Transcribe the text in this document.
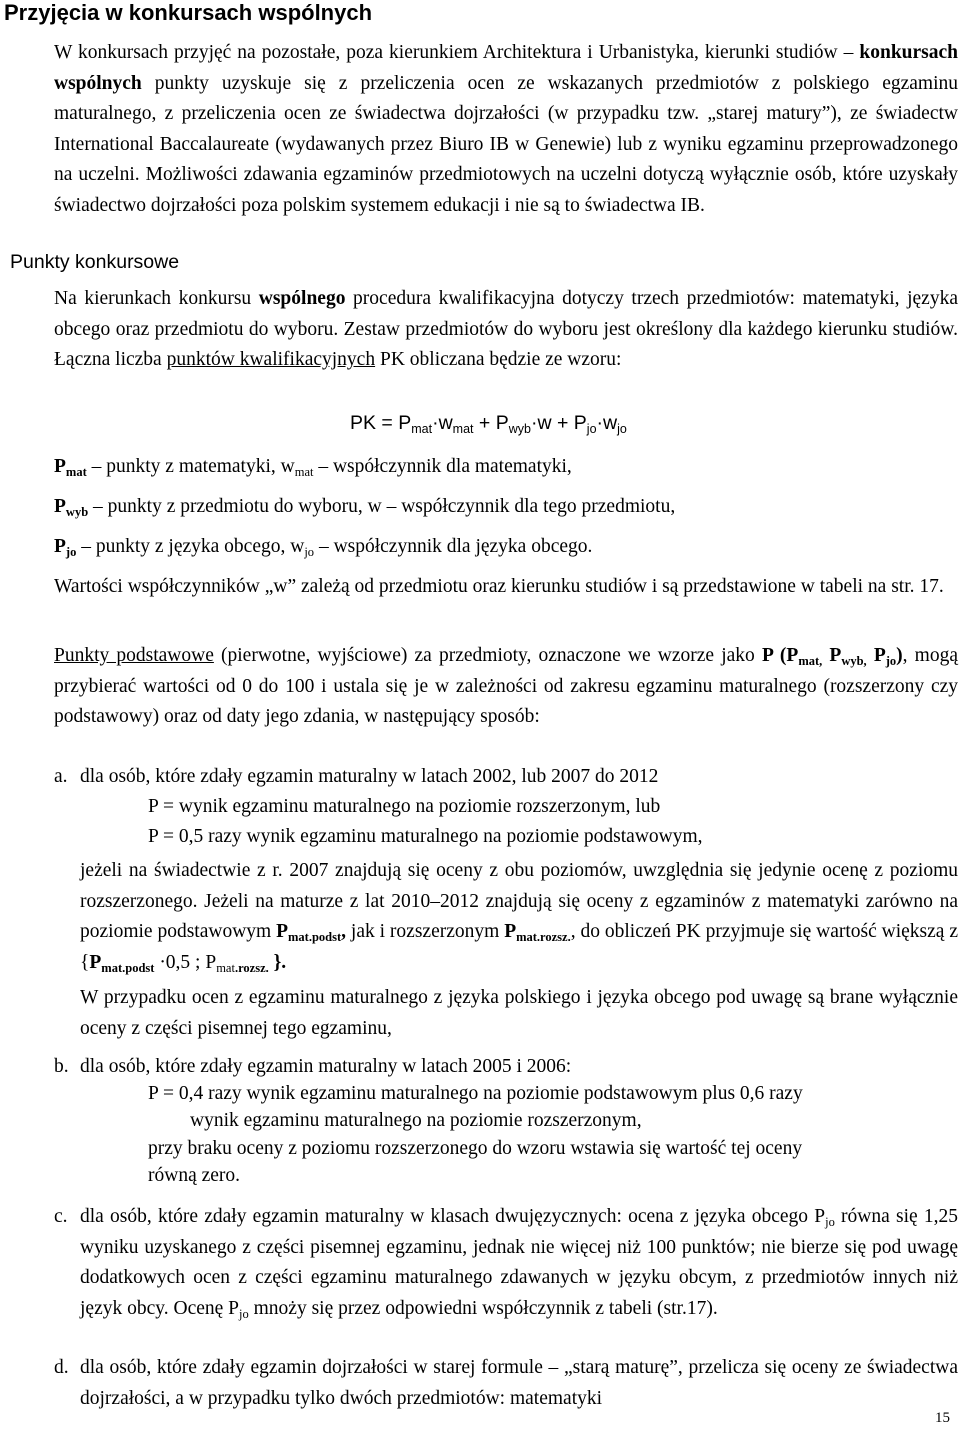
Przyjęcia w konkursach wspólnych

W konkursach przyjęć na pozostałe, poza kierunkiem Architektura i Urbanistyka, kierunki studiów – konkursach wspólnych punkty uzyskuje się z przeliczenia ocen ze wskazanych przedmiotów z polskiego egzaminu maturalnego, z przeliczenia ocen ze świadectwa dojrzałości (w przypadku tzw. „starej matury”), ze świadectw International Baccalaureate (wydawanych przez Biuro IB w Genewie) lub z wyniku egzaminu przeprowadzonego na uczelni. Możliwości zdawania egzaminów przedmiotowych na uczelni dotyczą wyłącznie osób, które uzyskały świadectwo dojrzałości poza polskim systemem edukacji i nie są to świadectwa IB.

Punkty konkursowe

Na kierunkach konkursu wspólnego procedura kwalifikacyjna dotyczy trzech przedmiotów: matematyki, języka obcego oraz przedmiotu do wyboru. Zestaw przedmiotów do wyboru jest określony dla każdego kierunku studiów. Łączna liczba punktów kwalifikacyjnych PK obliczana będzie ze wzoru:

PK = $P_{mat}\cdot w_{mat} + P_{wyb}\cdot w + P_{jo}\cdot w_{jo}$
$P_{mat}$ – punkty z matematyki, $w_{mat}$ – współczynnik dla matematyki,
$P_{wyb}$ – punkty z przedmiotu do wyboru, w – współczynnik dla tego przedmiotu,
$P_{jo}$ – punkty z języka obcego, $w_{jo}$ – współczynnik dla języka obcego.

Wartości współczynników „w” zależą od przedmiotu oraz kierunku studiów i są przedstawione w tabeli na str. 17.

Punkty podstawowe (pierwotne, wyjściowe) za przedmioty, oznaczone we wzorze jako P ($P_{mat,}$ $P_{wyb,}$ $P_{jo}$), mogą przybierać wartości od 0 do 100 i ustala się je w zależności od zakresu egzaminu maturalnego (rozszerzony czy podstawowy) oraz od daty jego zdania, w następujący sposób:

a. dla osób, które zdały egzamin maturalny w latach 2002, lub 2007 do 2012
P = wynik egzaminu maturalnego na poziomie rozszerzonym, lub
P = 0,5 razy wynik egzaminu maturalnego na poziomie podstawowym,

jeżeli na świadectwie z r. 2007 znajdują się oceny z obu poziomów, uwzględnia się jedynie ocenę z poziomu rozszerzonego. Jeżeli na maturze z lat 2010–2012 znajdują się oceny z egzaminów z matematyki zarówno na poziomie podstawowym $P_{mat.podst}$, jak i rozszerzonym $P_{mat.rozsz.}$, do obliczeń PK przyjmuje się wartość większą z {$P_{mat.podst} \cdot 0,5$ ; $P_{mat.rozsz.}$ }.

W przypadku ocen z egzaminu maturalnego z języka polskiego i języka obcego pod uwagę są brane wyłącznie oceny z części pisemnej tego egzaminu,

b. dla osób, które zdały egzamin maturalny w latach 2005 i 2006:
P = 0,4 razy wynik egzaminu maturalnego na poziomie podstawowym plus 0,6 razy
wynik egzaminu maturalnego na poziomie rozszerzonym,
przy braku oceny z poziomu rozszerzonego do wzoru wstawia się wartość tej oceny
równą zero.
c. dla osób, które zdały egzamin maturalny w klasach dwujęzycznych: ocena z języka obcego $P_{jo}$ równa się 1,25 wyniku uzyskanego z części pisemnej egzaminu, jednak nie więcej niż 100 punktów; nie bierze się pod uwagę dodatkowych ocen z części egzaminu maturalnego zdawanych w języku obcym, z przedmiotów innych niż język obcy. Ocenę $P_{jo}$ mnoży się przez odpowiedni współczynnik z tabeli (str.17).

d. dla osób, które zdały egzamin dojrzałości w starej formule – „starą maturę”, przelicza się oceny ze świadectwa dojrzałości, a w przypadku tylko dwóch przedmiotów: matematyki

15
